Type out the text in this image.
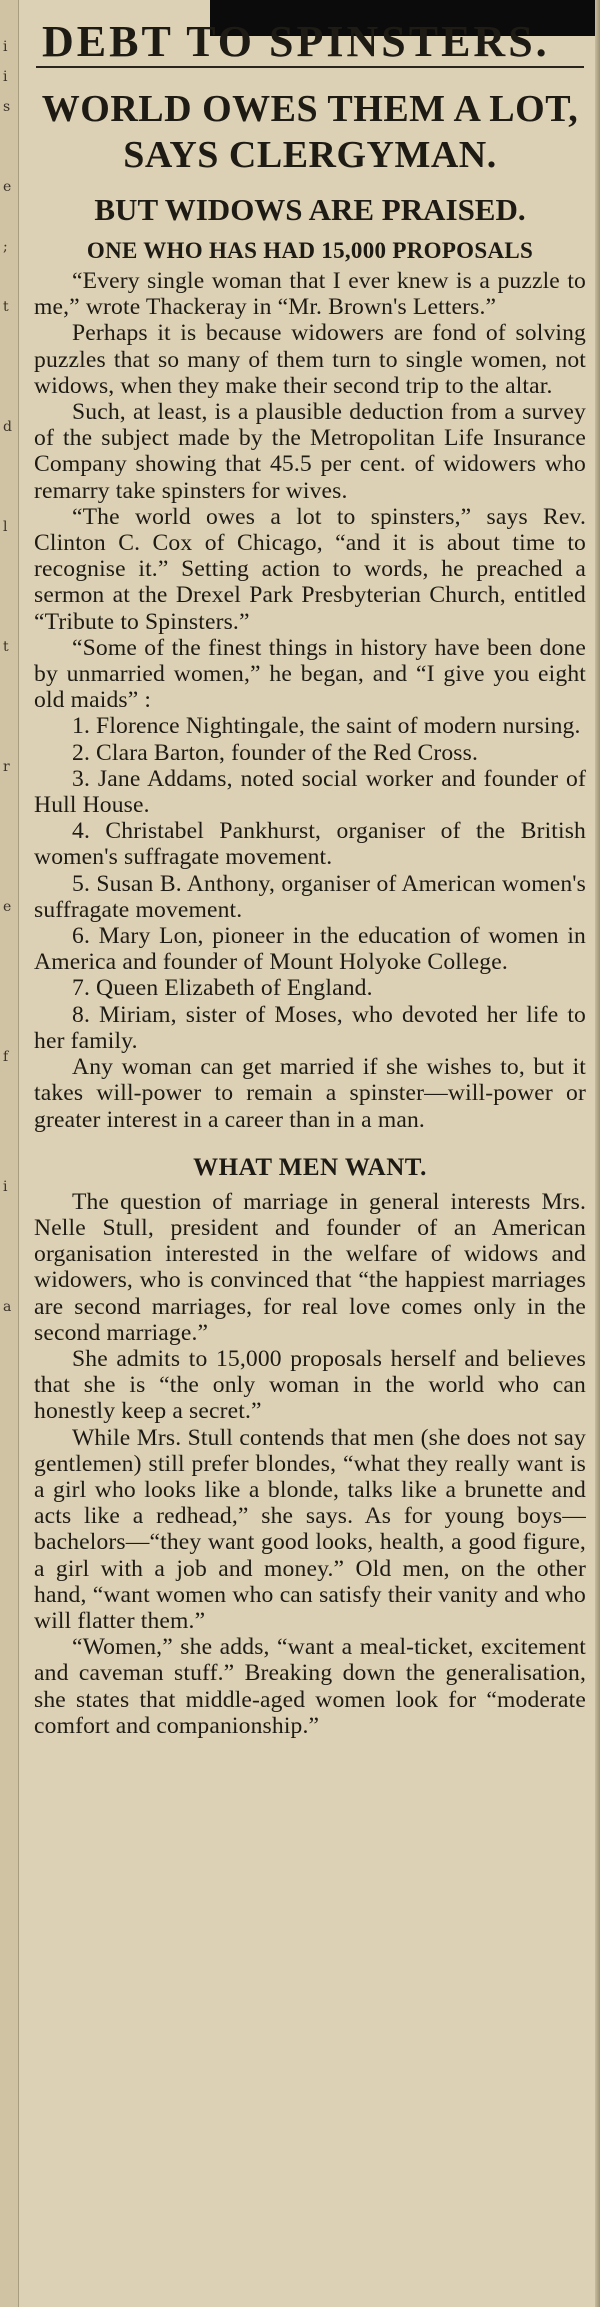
i
i
s
e
;
t
d
l
t
r
e
f
i
a
DEBT TO SPINSTERS.
WORLD OWES THEM A LOT, SAYS CLERGYMAN.
BUT WIDOWS ARE PRAISED.
ONE WHO HAS HAD 15,000 PROPOSALS

“Every single woman that I ever knew is a puzzle to me,” wrote Thackeray in “Mr. Brown's Letters.”

Perhaps it is because widowers are fond of solving puzzles that so many of them turn to single women, not widows, when they make their second trip to the altar.

Such, at least, is a plausible deduction from a survey of the subject made by the Metropolitan Life Insurance Company showing that 45.5 per cent. of widowers who remarry take spinsters for wives.

“The world owes a lot to spinsters,” says Rev. Clinton C. Cox of Chicago, “and it is about time to recognise it.” Setting action to words, he preached a sermon at the Drexel Park Presbyterian Church, entitled “Tribute to Spinsters.”

“Some of the finest things in history have been done by unmarried women,” he began, and “I give you eight old maids” :

1. Florence Nightingale, the saint of modern nursing.

2. Clara Barton, founder of the Red Cross.

3. Jane Addams, noted social worker and founder of Hull House.

4. Christabel Pankhurst, organiser of the British women's suffragate movement.

5. Susan B. Anthony, organiser of American women's suffragate movement.

6. Mary Lon, pioneer in the education of women in America and founder of Mount Holyoke College.

7. Queen Elizabeth of England.

8. Miriam, sister of Moses, who devoted her life to her family.

Any woman can get married if she wishes to, but it takes will-power to remain a spinster—will-power or greater interest in a career than in a man.

WHAT MEN WANT.

The question of marriage in general interests Mrs. Nelle Stull, president and founder of an American organisation interested in the welfare of widows and widowers, who is convinced that “the happiest marriages are second marriages, for real love comes only in the second marriage.”

She admits to 15,000 proposals herself and believes that she is “the only woman in the world who can honestly keep a secret.”

While Mrs. Stull contends that men (she does not say gentlemen) still prefer blondes, “what they really want is a girl who looks like a blonde, talks like a brunette and acts like a redhead,” she says. As for young boys—bachelors—“they want good looks, health, a good figure, a girl with a job and money.” Old men, on the other hand, “want women who can satisfy their vanity and who will flatter them.”

“Women,” she adds, “want a meal-ticket, excitement and caveman stuff.” Breaking down the generalisation, she states that middle-aged women look for “moderate comfort and companionship.”
